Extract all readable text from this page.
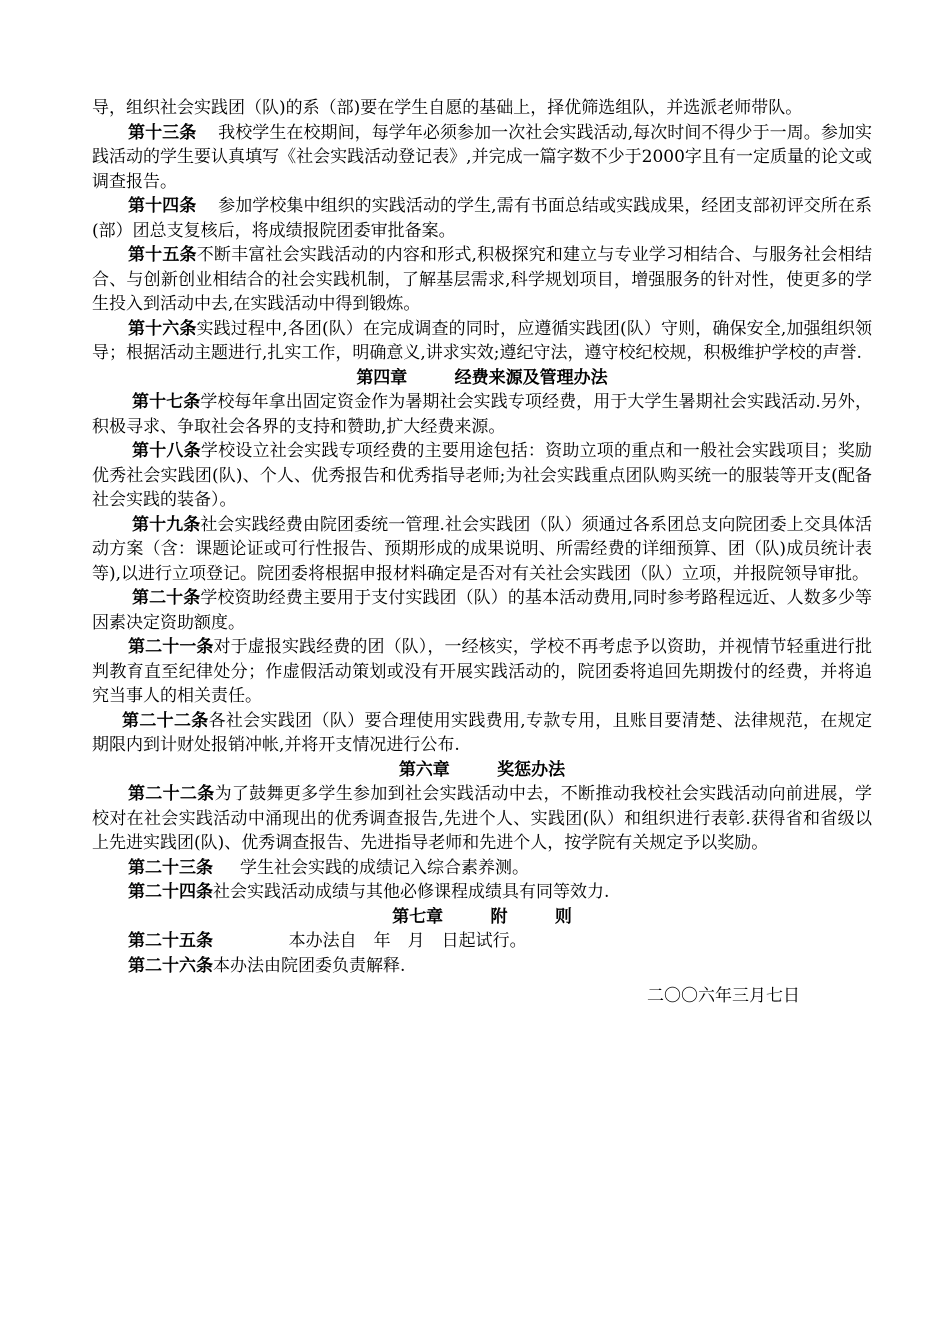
导，组织社会实践团（队)的系（部)要在学生自愿的基础上，择优筛选组队，并选派老师带队。

第十三条 我校学生在校期间，每学年必须参加一次社会实践活动,每次时间不得少于一周。参加实践活动的学生要认真填写《社会实践活动登记表》,并完成一篇字数不少于2000字且有一定质量的论文或调查报告。

第十四条 参加学校集中组织的实践活动的学生,需有书面总结或实践成果，经团支部初评交所在系(部）团总支复核后，将成绩报院团委审批备案。

第十五条不断丰富社会实践活动的内容和形式,积极探究和建立与专业学习相结合、与服务社会相结合、与创新创业相结合的社会实践机制，了解基层需求,科学规划项目，增强服务的针对性，使更多的学生投入到活动中去,在实践活动中得到锻炼。

第十六条实践过程中,各团(队）在完成调查的同时，应遵循实践团(队）守则，确保安全,加强组织领导；根据活动主题进行,扎实工作，明确意义,讲求实效;遵纪守法，遵守校纪校规，积极维护学校的声誉.

第四章	经费来源及管理办法

第十七条学校每年拿出固定资金作为暑期社会实践专项经费，用于大学生暑期社会实践活动.另外，积极寻求、争取社会各界的支持和赞助,扩大经费来源。

第十八条学校设立社会实践专项经费的主要用途包括：资助立项的重点和一般社会实践项目；奖励优秀社会实践团(队)、个人、优秀报告和优秀指导老师;为社会实践重点团队购买统一的服装等开支(配备社会实践的装备）。

第十九条社会实践经费由院团委统一管理.社会实践团（队）须通过各系团总支向院团委上交具体活动方案（含：课题论证或可行性报告、预期形成的成果说明、所需经费的详细预算、团（队)成员统计表等),以进行立项登记。院团委将根据申报材料确定是否对有关社会实践团（队）立项，并报院领导审批。

第二十条学校资助经费主要用于支付实践团（队）的基本活动费用,同时参考路程远近、人数多少等因素决定资助额度。

第二十一条对于虚报实践经费的团（队），一经核实，学校不再考虑予以资助，并视情节轻重进行批判教育直至纪律处分；作虚假活动策划或没有开展实践活动的，院团委将追回先期拨付的经费，并将追究当事人的相关责任。

第二十二条各社会实践团（队）要合理使用实践费用,专款专用，且账目要清楚、法律规范，在规定期限内到计财处报销冲帐,并将开支情况进行公布.

第六章	奖惩办法

第二十二条为了鼓舞更多学生参加到社会实践活动中去，不断推动我校社会实践活动向前进展，学校对在社会实践活动中涌现出的优秀调查报告,先进个人、实践团(队）和组织进行表彰.获得省和省级以上先进实践团(队)、优秀调查报告、先进指导老师和先进个人，按学院有关规定予以奖励。

第二十三条 学生社会实践的成绩记入综合素养测。

第二十四条社会实践活动成绩与其他必修课程成绩具有同等效力.

第七章	附	则

第二十五条	本办法自　年　月　日起试行。

第二十六条本办法由院团委负责解释.

二〇〇六年三月七日
